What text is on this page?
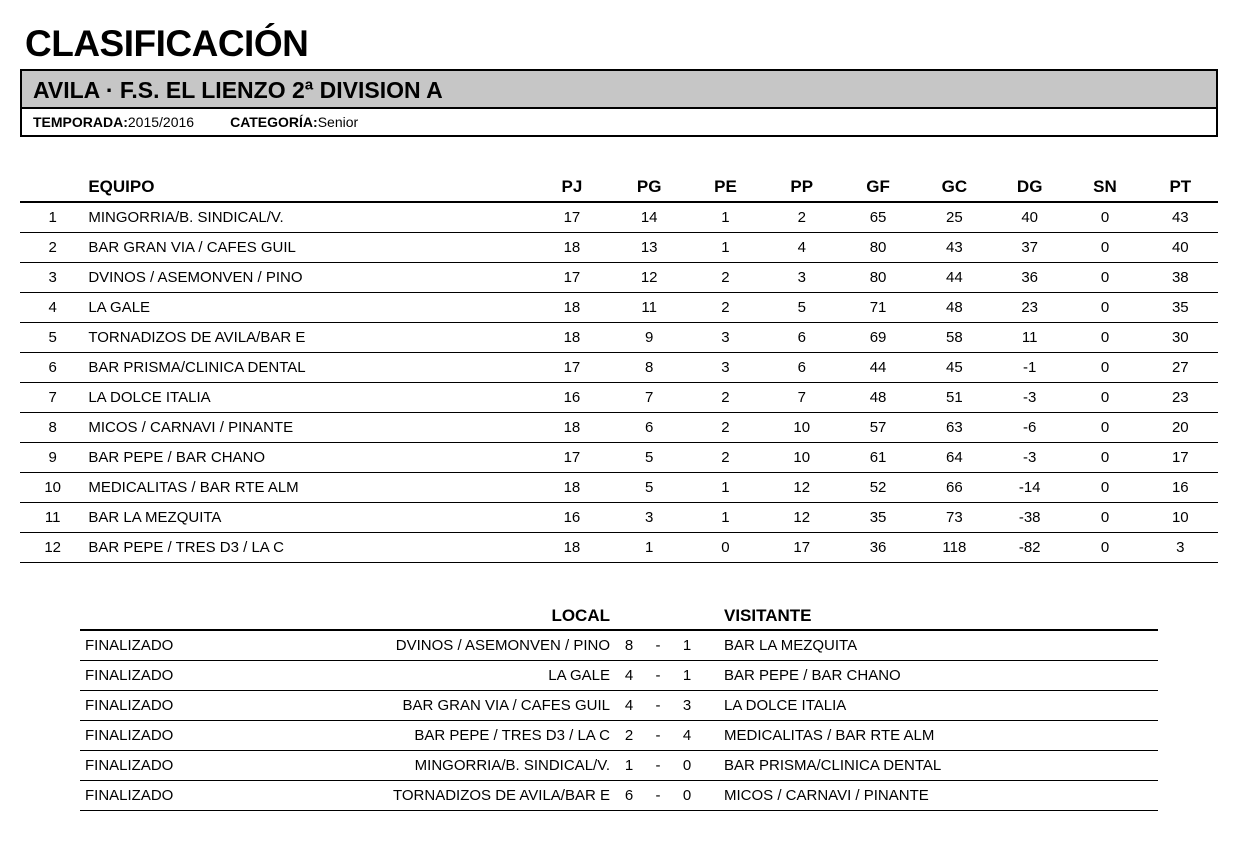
CLASIFICACIÓN
AVILA · F.S. EL LIENZO 2ª DIVISION A
TEMPORADA:2015/2016	CATEGORÍA:Senior
	EQUIPO	PJ	PG	PE	PP	GF	GC	DG	SN	PT
1	MINGORRIA/B. SINDICAL/V.	17	14	1	2	65	25	40	0	43
2	BAR GRAN VIA / CAFES GUIL	18	13	1	4	80	43	37	0	40
3	DVINOS / ASEMONVEN / PINO	17	12	2	3	80	44	36	0	38
4	LA GALE	18	11	2	5	71	48	23	0	35
5	TORNADIZOS DE AVILA/BAR E	18	9	3	6	69	58	11	0	30
6	BAR PRISMA/CLINICA DENTAL	17	8	3	6	44	45	-1	0	27
7	LA DOLCE ITALIA	16	7	2	7	48	51	-3	0	23
8	MICOS / CARNAVI / PINANTE	18	6	2	10	57	63	-6	0	20
9	BAR PEPE / BAR CHANO	17	5	2	10	61	64	-3	0	17
10	MEDICALITAS / BAR RTE ALM	18	5	1	12	52	66	-14	0	16
11	BAR LA MEZQUITA	16	3	1	12	35	73	-38	0	10
12	BAR PEPE / TRES D3 / LA C	18	1	0	17	36	118	-82	0	3
	LOCAL					VISITANTE
FINALIZADO	DVINOS / ASEMONVEN / PINO	8	-	1		BAR LA MEZQUITA
FINALIZADO	LA GALE	4	-	1		BAR PEPE / BAR CHANO
FINALIZADO	BAR GRAN VIA / CAFES GUIL	4	-	3		LA DOLCE ITALIA
FINALIZADO	BAR PEPE / TRES D3 / LA C	2	-	4		MEDICALITAS / BAR RTE ALM
FINALIZADO	MINGORRIA/B. SINDICAL/V.	1	-	0		BAR PRISMA/CLINICA DENTAL
FINALIZADO	TORNADIZOS DE AVILA/BAR E	6	-	0		MICOS / CARNAVI / PINANTE
